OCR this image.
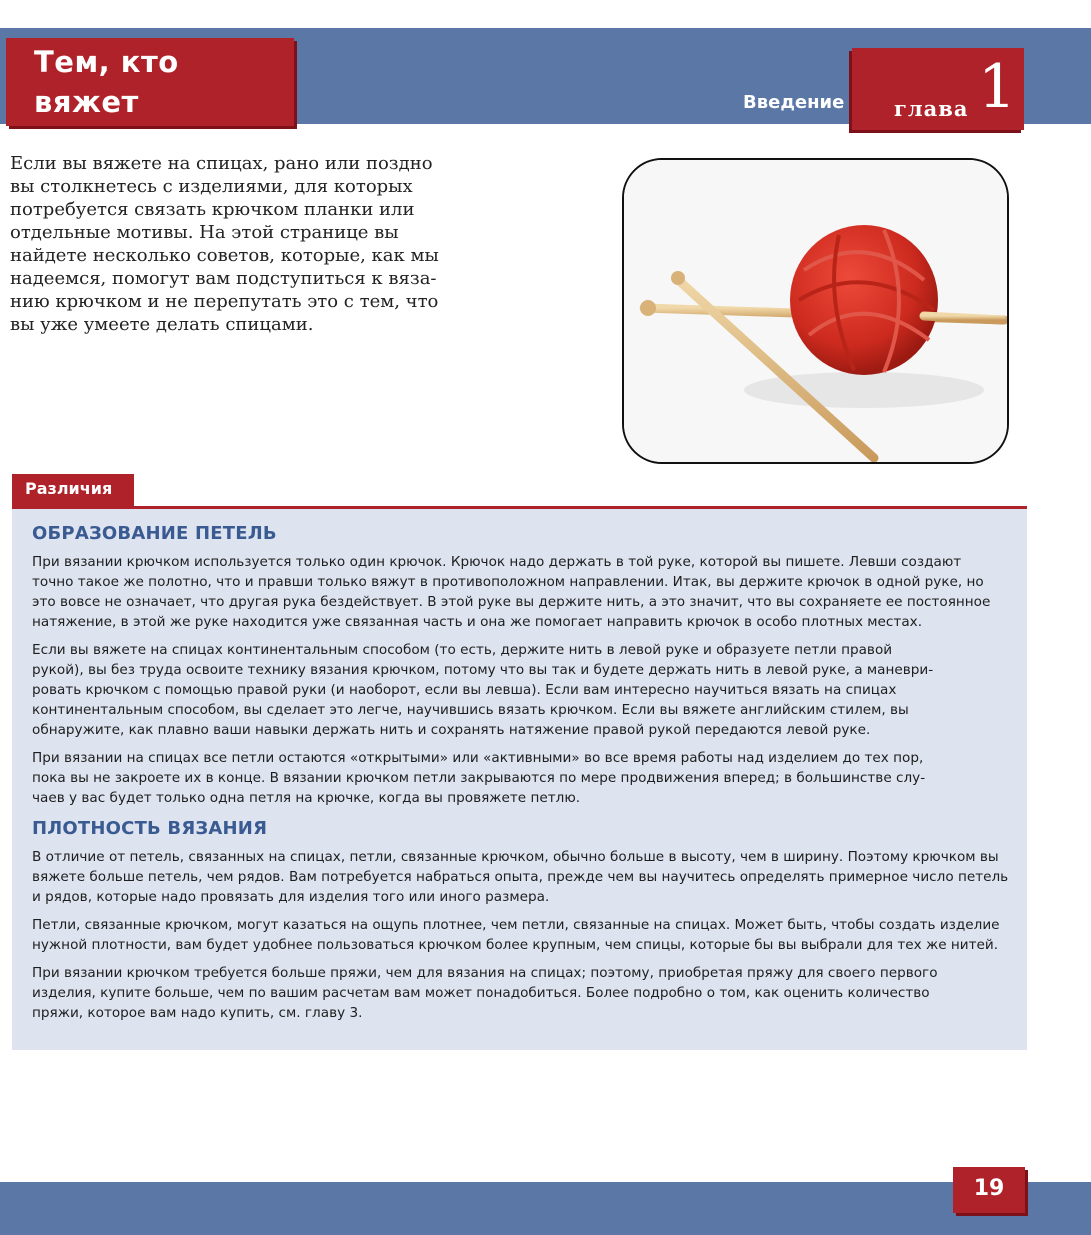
Тем, кто вяжет
на спицах
Введение глава 1
Если вы вяжете на спицах, рано или поздно
вы столкнетесь с изделиями, для которых
потребуется связать крючком планки или
отдельные мотивы. На этой странице вы
найдете несколько советов, которые, как мы
надеемся, помогут вам подступиться к вяза-
нию крючком и не перепутать это с тем, что
вы уже умеете делать спицами.
Различия
ОБРАЗОВАНИЕ ПЕТЕЛЬ

При вязании крючком используется только один крючок. Крючок надо держать в той руке, которой вы пишете. Левши создают
точно такое же полотно, что и правши только вяжут в противоположном направлении. Итак, вы держите крючок в одной руке, но
это вовсе не означает, что другая рука бездействует. В этой руке вы держите нить, а это значит, что вы сохраняете ее постоянное
натяжение, в этой же руке находится уже связанная часть и она же помогает направить крючок в особо плотных местах.

Если вы вяжете на спицах континентальным способом (то есть, держите нить в левой руке и образуете петли правой
рукой), вы без труда освоите технику вязания крючком, потому что вы так и будете держать нить в левой руке, а маневри-
ровать крючком с помощью правой руки (и наоборот, если вы левша). Если вам интересно научиться вязать на спицах
континентальным способом, вы сделает это легче, научившись вязать крючком. Если вы вяжете английским стилем, вы
обнаружите, как плавно ваши навыки держать нить и сохранять натяжение правой рукой передаются левой руке.

При вязании на спицах все петли остаются «открытыми» или «активными» во все время работы над изделием до тех пор,
пока вы не закроете их в конце. В вязании крючком петли закрываются по мере продвижения вперед; в большинстве слу-
чаев у вас будет только одна петля на крючке, когда вы провяжете петлю.

ПЛОТНОСТЬ ВЯЗАНИЯ

В отличие от петель, связанных на спицах, петли, связанные крючком, обычно больше в высоту, чем в ширину. Поэтому крючком вы
вяжете больше петель, чем рядов. Вам потребуется набраться опыта, прежде чем вы научитесь определять примерное число петель
и рядов, которые надо провязать для изделия того или иного размера.

Петли, связанные крючком, могут казаться на ощупь плотнее, чем петли, связанные на спицах. Может быть, чтобы создать изделие
нужной плотности, вам будет удобнее пользоваться крючком более крупным, чем спицы, которые бы вы выбрали для тех же нитей.

При вязании крючком требуется больше пряжи, чем для вязания на спицах; поэтому, приобретая пряжу для своего первого
изделия, купите больше, чем по вашим расчетам вам может понадобиться. Более подробно о том, как оценить количество
пряжи, которое вам надо купить, см. главу 3.

19
